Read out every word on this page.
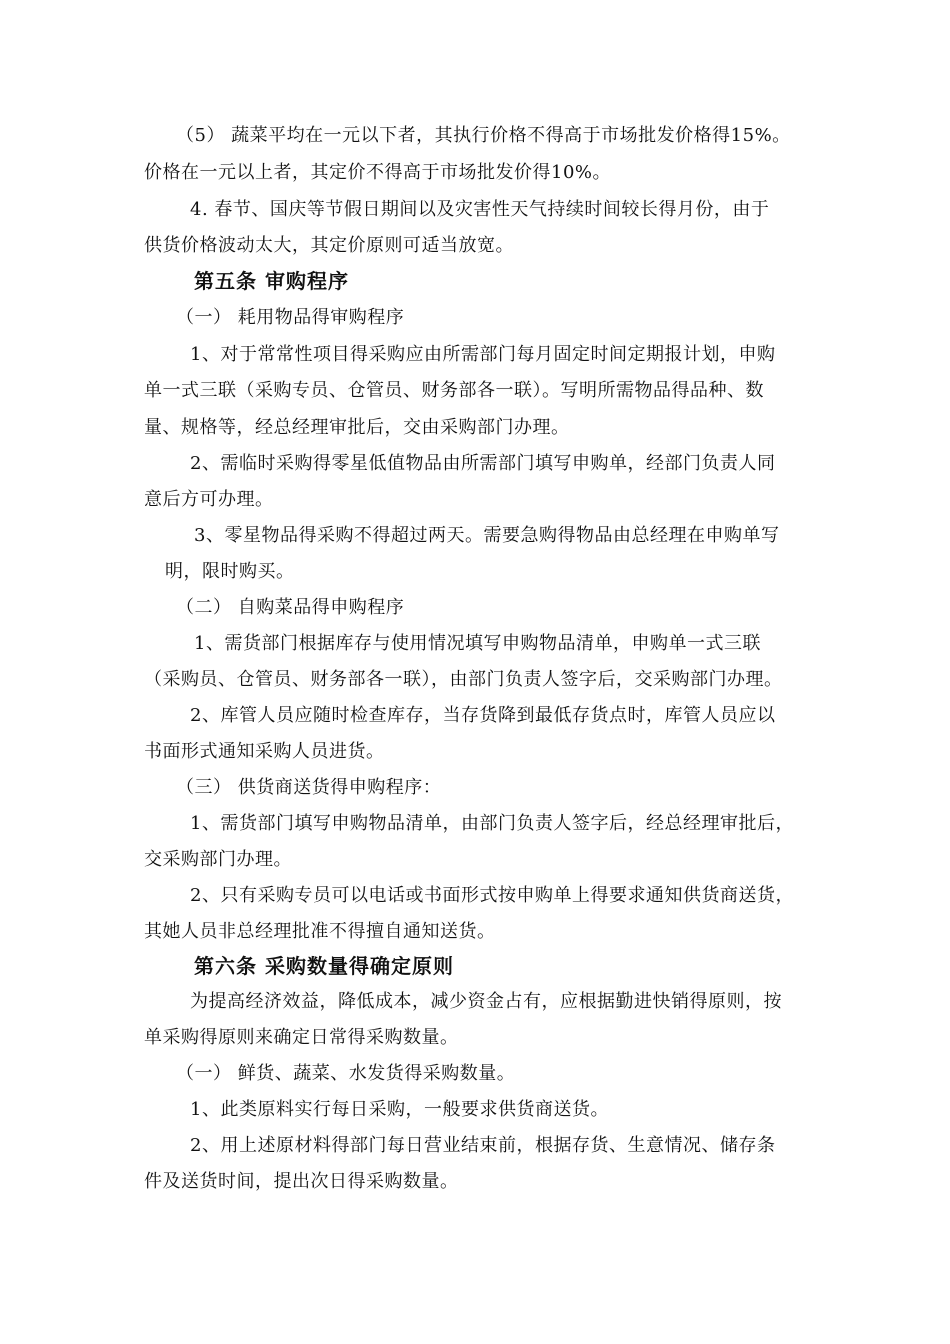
（5） 蔬菜平均在一元以下者，其执行价格不得高于市场批发价格得15%。
价格在一元以上者，其定价不得高于市场批发价得10%。
4. 春节、国庆等节假日期间以及灾害性天气持续时间较长得月份，由于
供货价格波动太大，其定价原则可适当放宽。
第五条 审购程序
（一） 耗用物品得审购程序
1、对于常常性项目得采购应由所需部门每月固定时间定期报计划，申购
单一式三联（采购专员、仓管员、财务部各一联）。写明所需物品得品种、数
量、规格等，经总经理审批后，交由采购部门办理。
2、需临时采购得零星低值物品由所需部门填写申购单，经部门负责人同
意后方可办理。
3、零星物品得采购不得超过两天。需要急购得物品由总经理在申购单写
明，限时购买。
（二） 自购菜品得申购程序
1、需货部门根据库存与使用情况填写申购物品清单，申购单一式三联
（采购员、仓管员、财务部各一联），由部门负责人签字后，交采购部门办理。
2、库管人员应随时检查库存，当存货降到最低存货点时，库管人员应以
书面形式通知采购人员进货。
（三） 供货商送货得申购程序：
1、需货部门填写申购物品清单，由部门负责人签字后，经总经理审批后，
交采购部门办理。
2、只有采购专员可以电话或书面形式按申购单上得要求通知供货商送货，
其她人员非总经理批准不得擅自通知送货。
第六条 采购数量得确定原则
为提高经济效益，降低成本，减少资金占有，应根据勤进快销得原则，按
单采购得原则来确定日常得采购数量。
（一） 鲜货、蔬菜、水发货得采购数量。
1、此类原料实行每日采购，一般要求供货商送货。
2、用上述原材料得部门每日营业结束前，根据存货、生意情况、储存条
件及送货时间，提出次日得采购数量。
